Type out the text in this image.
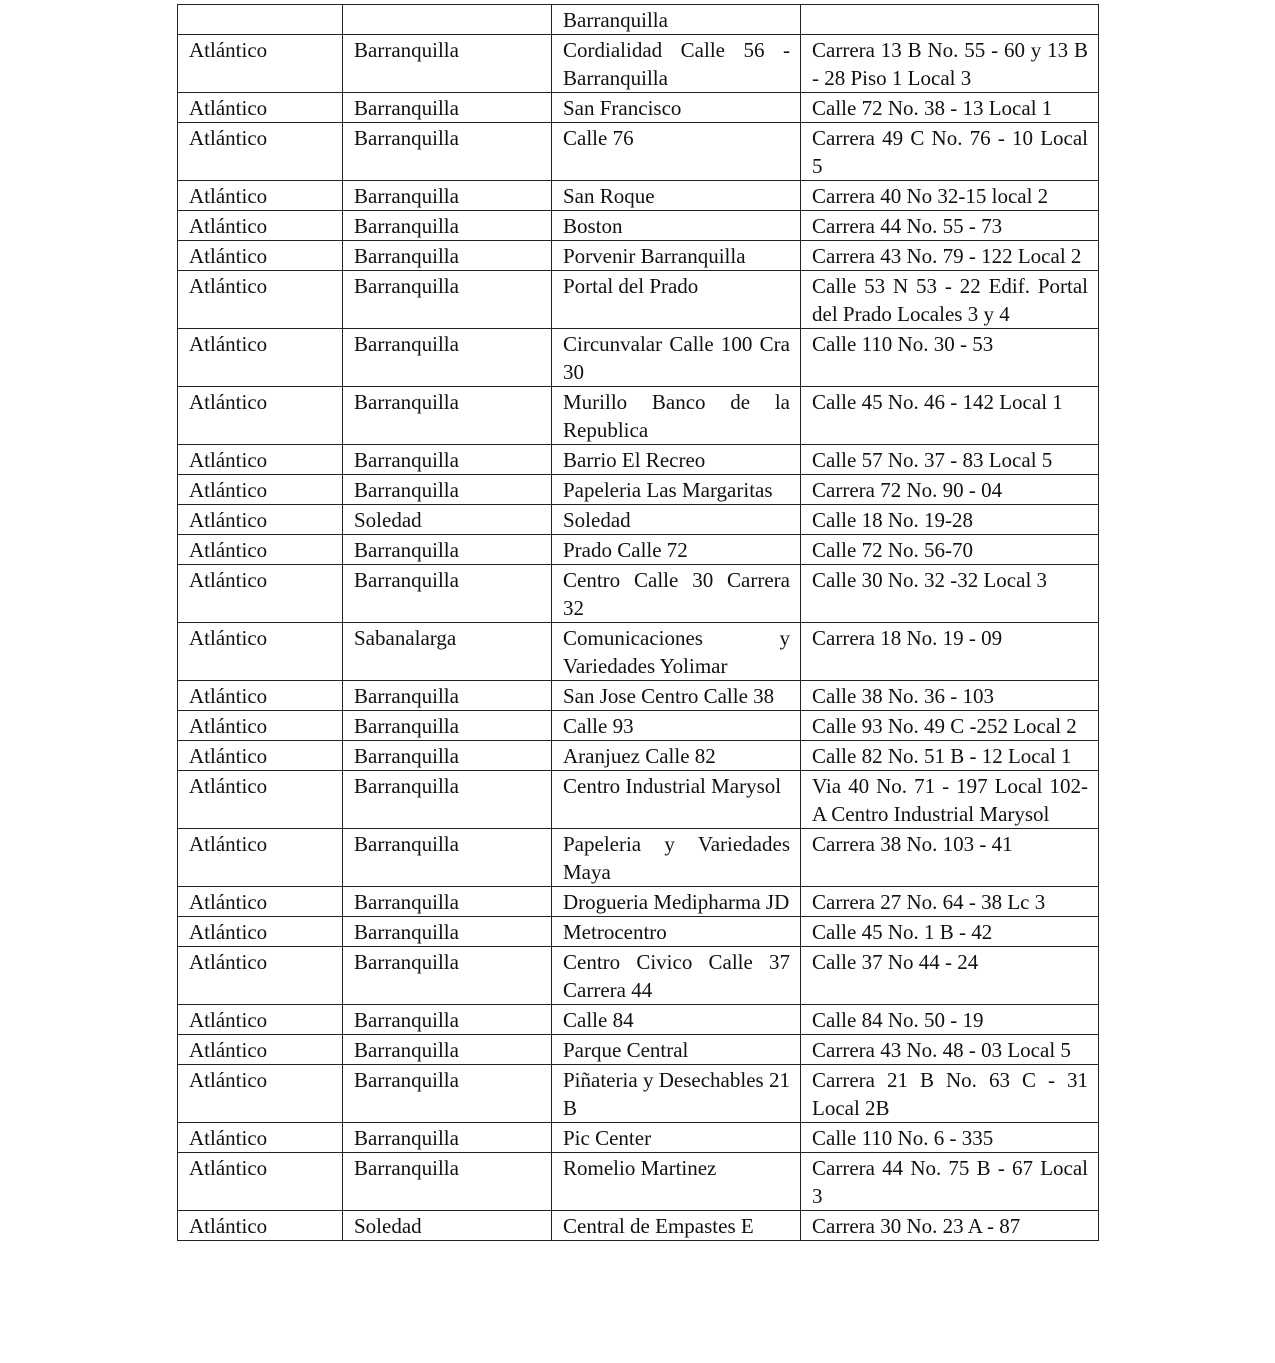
		Barranquilla	
Atlántico	Barranquilla	Cordialidad Calle 56 - Barranquilla	Carrera 13 B No. 55 - 60 y 13 B - 28 Piso 1 Local 3
Atlántico	Barranquilla	San Francisco	Calle 72 No. 38 - 13 Local 1
Atlántico	Barranquilla	Calle 76	Carrera 49 C No. 76 - 10 Local 5
Atlántico	Barranquilla	San Roque	Carrera 40 No 32-15 local 2
Atlántico	Barranquilla	Boston	Carrera 44 No. 55 - 73
Atlántico	Barranquilla	Porvenir Barranquilla	Carrera 43 No. 79 - 122 Local 2
Atlántico	Barranquilla	Portal del Prado	Calle 53 N 53 - 22 Edif. Portal del Prado Locales 3 y 4
Atlántico	Barranquilla	Circunvalar Calle 100 Cra 30	Calle 110 No. 30 - 53
Atlántico	Barranquilla	Murillo Banco de la Republica	Calle 45 No. 46 - 142 Local 1
Atlántico	Barranquilla	Barrio El Recreo	Calle 57 No. 37 - 83 Local 5
Atlántico	Barranquilla	Papeleria Las Margaritas	Carrera 72 No. 90 - 04
Atlántico	Soledad	Soledad	Calle 18 No. 19-28
Atlántico	Barranquilla	Prado Calle 72	Calle 72 No. 56-70
Atlántico	Barranquilla	Centro Calle 30 Carrera 32	Calle 30 No. 32 -32 Local 3
Atlántico	Sabanalarga	Comunicaciones y Variedades Yolimar	Carrera 18 No. 19 - 09
Atlántico	Barranquilla	San Jose Centro Calle 38	Calle 38 No. 36 - 103
Atlántico	Barranquilla	Calle 93	Calle 93 No. 49 C -252 Local 2
Atlántico	Barranquilla	Aranjuez Calle 82	Calle 82 No. 51 B - 12 Local 1
Atlántico	Barranquilla	Centro Industrial Marysol	Via 40 No. 71 - 197 Local 102-A Centro Industrial Marysol
Atlántico	Barranquilla	Papeleria y Variedades Maya	Carrera 38 No. 103 - 41
Atlántico	Barranquilla	Drogueria Medipharma JD	Carrera 27 No. 64 - 38 Lc 3
Atlántico	Barranquilla	Metrocentro	Calle 45 No. 1 B - 42
Atlántico	Barranquilla	Centro Civico Calle 37 Carrera 44	Calle 37 No 44 - 24
Atlántico	Barranquilla	Calle 84	Calle 84 No. 50 - 19
Atlántico	Barranquilla	Parque Central	Carrera 43 No. 48 - 03 Local 5
Atlántico	Barranquilla	Piñateria y Desechables 21 B	Carrera 21 B No. 63 C - 31 Local 2B
Atlántico	Barranquilla	Pic Center	Calle 110 No. 6 - 335
Atlántico	Barranquilla	Romelio Martinez	Carrera 44 No. 75 B - 67 Local 3
Atlántico	Soledad	Central de Empastes E	Carrera 30 No. 23 A - 87
